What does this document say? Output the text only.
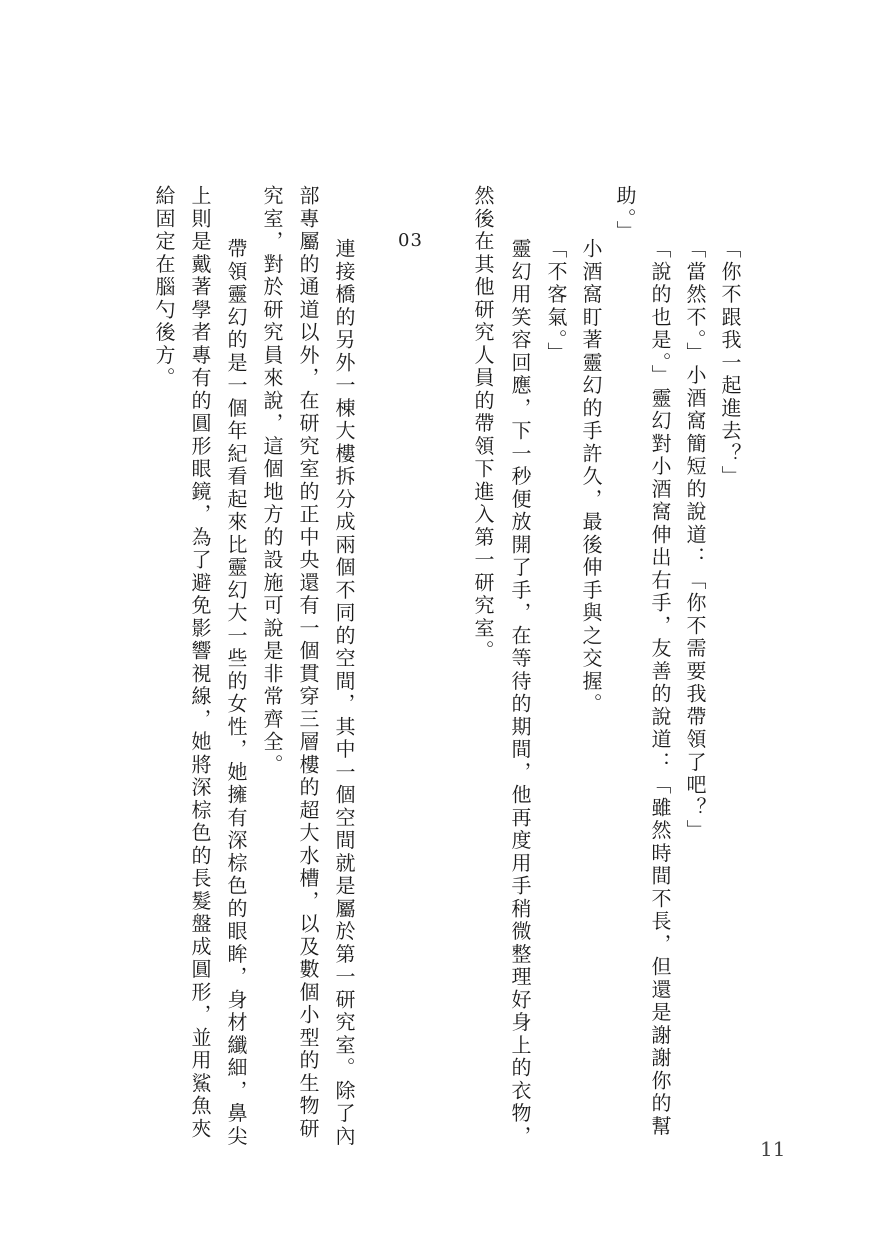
「你不跟我一起進去？」
「當然不。」小酒窩簡短的說道：「你不需要我帶領了吧？」
「說的也是。」靈幻對小酒窩伸出右手，友善的說道：「雖然時間不長，但還是謝謝你的幫
助。」
小酒窩盯著靈幻的手許久，最後伸手與之交握。
「不客氣。」
靈幻用笑容回應，下一秒便放開了手，在等待的期間，他再度用手稍微整理好身上的衣物，
然後在其他研究人員的帶領下進入第一研究室。
03
連接橋的另外一棟大樓拆分成兩個不同的空間，其中一個空間就是屬於第一研究室。除了內
部專屬的通道以外，在研究室的正中央還有一個貫穿三層樓的超大水槽，以及數個小型的生物研
究室，對於研究員來說，這個地方的設施可說是非常齊全。
帶領靈幻的是一個年紀看起來比靈幻大一些的女性，她擁有深棕色的眼眸，身材纖細，鼻尖
上則是戴著學者專有的圓形眼鏡，為了避免影響視線，她將深棕色的長髮盤成圓形，並用鯊魚夾
給固定在腦勺後方。
11
